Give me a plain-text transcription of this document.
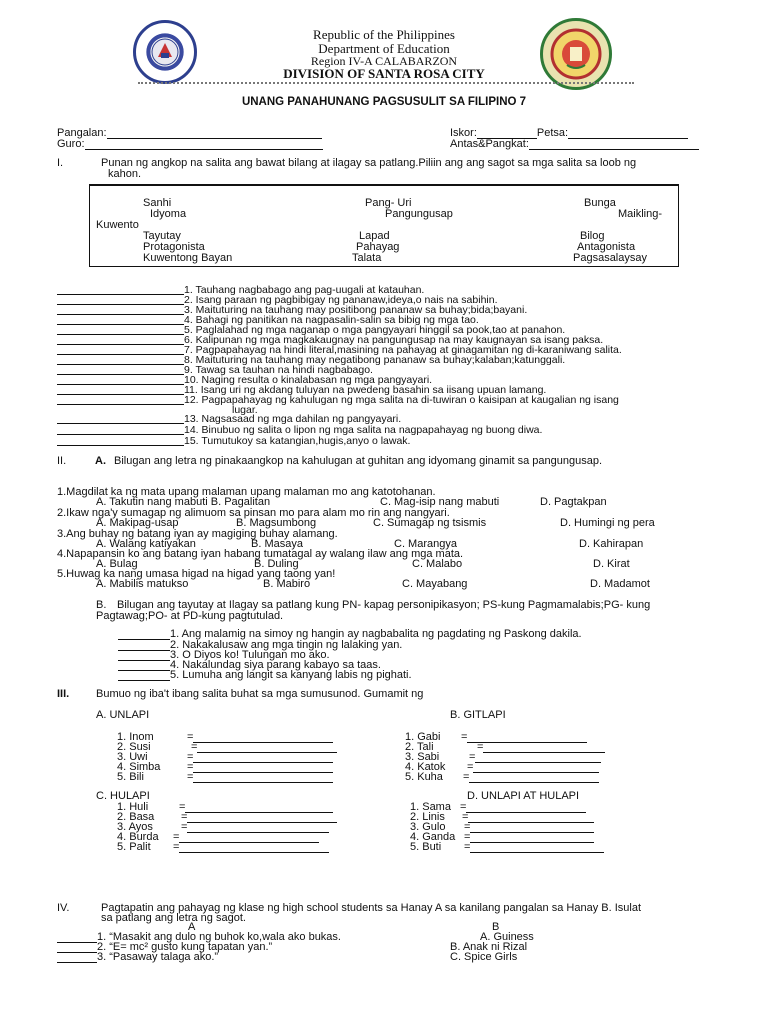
Republic of the Philippines
Department of Education
Region IV-A CALABARZON
DIVISION OF SANTA ROSA CITY
UNANG PANAHUNANG PAGSUSULIT SA FILIPINO 7
Pangalan:
Guro:
Iskor:	Petsa:
Antas&Pangkat:
I.	Punan ng angkop na salita ang bawat bilang at ilagay sa patlang.Piliin ang ang sagot sa mga salita sa loob ng
kahon.
Sanhi	Pang- Uri	Bunga
Idyoma	Pangungusap	Maikling-
Kuwento
Tayutay	Lapad	Bilog
Protagonista	Pahayag	Antagonista
Kuwentong Bayan	Talata	Pagsasalaysay
1. Tauhang nagbabago ang pag-uugali at katauhan.
2. Isang paraan ng pagbibigay ng pananaw,ideya,o nais na sabihin.
3. Maituturing na tauhang may positibong pananaw sa buhay;bida;bayani.
4. Bahagi ng panitikan na nagpasalin-salin sa bibig ng mga tao.
5. Paglalahad ng mga naganap o mga pangyayari hinggil sa pook,tao at panahon.
6. Kalipunan ng mga magkakaugnay na pangungusap na may kaugnayan sa isang paksa.
7. Pagpapahayag na hindi literal,masining na pahayag at ginagamitan ng di-karaniwang salita.
8. Maituturing na tauhang may negatibong pananaw sa buhay;kalaban;katunggali.
9. Tawag sa tauhan na hindi nagbabago.
10. Naging resulta o kinalabasan ng mga pangyayari.
11. Isang uri ng akdang tuluyan na pwedeng basahin sa iisang upuan lamang.
12. Pagpapahayag ng kahulugan ng mga salita na di-tuwiran o kaisipan at kaugalian ng isang
lugar.
13. Nagsasaad ng mga dahilan ng pangyayari.
14. Binubuo ng salita o lipon ng mga salita na nagpapahayag ng buong diwa.
15. Tumutukoy sa katangian,hugis,anyo o lawak.
II.	A. Bilugan ang letra ng pinakaangkop na kahulugan at guhitan ang idyomang ginamit sa pangungusap.
1.Magdilat ka ng mata upang malaman upang malaman mo ang katotohanan.
A. Takutin nang mabuti B. Pagalitan	C. Mag-isip nang mabuti	D. Pagtakpan
2.Ikaw nga'y sumagap ng alimuom sa pinsan mo para alam mo rin ang nangyari.
A. Makipag-usap	B. Magsumbong	C. Sumagap ng tsismis	D. Humingi ng pera
3.Ang buhay ng batang iyan ay magiging buhay alamang.
A. Walang katiyakan	B. Masaya	C. Marangya	D. Kahirapan
4.Napapansin ko ang batang iyan habang tumatagal ay walang ilaw ang mga mata.
A. Bulag	B. Duling	C. Malabo	D. Kirat
5.Huwag ka nang umasa higad na higad yang taong yan!
A. Mabilis matukso	B. Mabiro	C. Mayabang	D. Madamot
B. Bilugan ang tayutay at Ilagay sa patlang kung PN- kapag personipikasyon; PS-kung Pagmamalabis;PG- kung
Pagtawag;PO- at PD-kung pagtutulad.
1. Ang malamig na simoy ng hangin ay nagbabalita ng pagdating ng Paskong dakila.
2. Nakakalusaw ang mga tingin ng lalaking yan.
3. O Diyos ko! Tulungan mo ako.
4. Nakalundag siya parang kabayo sa taas.
5. Lumuha ang langit sa kanyang labis ng pighati.
III. Bumuo ng iba't ibang salita buhat sa mga sumusunod. Gumamit ng
A. UNLAPI	B. GITLAPI
1. Inom	=
2. Susi	=
3. Uwi	=
4. Simba =
5. Bili	=
1. Gabi =
2. Tali	=
3. Sabi	=
4. Katok =
5. Kuha =
C. HULAPI	D. UNLAPI AT HULAPI
1. Huli	=
2. Basa =
3. Ayos	=
4. Burda =
5. Palit =
1. Sama =
2. Linis =
3. Gulo =
4. Ganda =
5. Buti =
IV.	Pagtapatin ang pahayag ng klase ng high school students sa Hanay A sa kanilang pangalan sa Hanay B. Isulat
sa patlang ang letra ng sagot.
A	B
1. “Masakit ang dulo ng buhok ko,wala ako bukas.
2. “E= mc² gusto kung tapatan yan.”
3. “Pasaway talaga ako.”
A. Guiness
B. Anak ni Rizal
C. Spice Girls
